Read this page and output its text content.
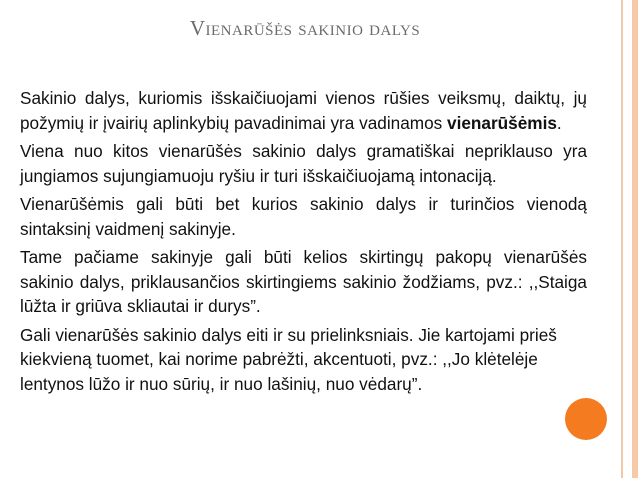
Vienarūšės sakinio dalys

Sakinio dalys, kuriomis išskaičiuojami vienos rūšies veiksmų, daiktų, jų požymių ir įvairių aplinkybių pavadinimai yra vadinamos vienarūšėmis.

Viena nuo kitos vienarūšės sakinio dalys gramatiškai nepriklauso yra jungiamos sujungiamuoju ryšiu ir turi išskaičiuojamą intonaciją.

Vienarūšėmis gali būti bet kurios sakinio dalys ir turinčios vienodą sintaksinį vaidmenį sakinyje.

Tame pačiame sakinyje gali būti kelios skirtingų pakopų vienarūšės sakinio dalys, priklausančios skirtingiems sakinio žodžiams, pvz.: ,,Staiga lūžta ir griūva skliautai ir durys”.

Gali vienarūšės sakinio dalys eiti ir su prielinksniais. Jie kartojami prieš kiekvieną tuomet, kai norime pabrėžti, akcentuoti, pvz.: ,,Jo klėtelėje lentynos lūžo ir nuo sūrių, ir nuo lašinių, nuo vėdarų”.
